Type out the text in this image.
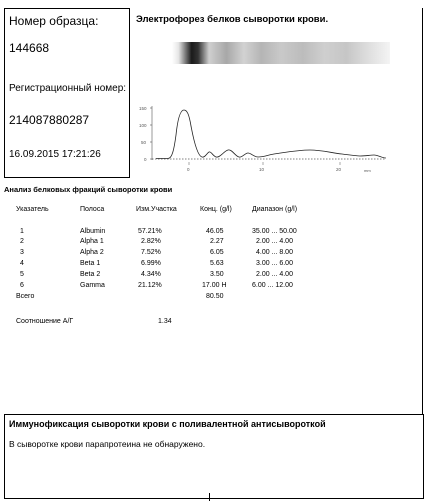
Номер образца:
144668
Регистрационный номер:
214087880287
16.09.2015 17:21:26
Электрофорез белков сыворотки крови.
150
100
50
0
0	10	20	mm
Анализ белковых фракций сыворотки крови
Указатель	Полоса	Изм.Участка	Конц. (g/l)	Диапазон (g/l)
1	Albumin	57.21%	46.05	35.00 ... 50.00
2	Alpha 1	2.82%	2.27	2.00 ... 4.00
3	Alpha 2	7.52%	6.05	4.00 ... 8.00
4	Beta 1	6.99%	5.63	3.00 ... 6.00
5	Beta 2	4.34%	3.50	2.00 ... 4.00
6	Gamma	21.12%	17.00 H	6.00 ... 12.00
Всего	80.50
Соотношение А/Г	1.34
Иммунофиксация сыворотки крови с поливалентной антисывороткой
В сыворотке крови парапротеина не обнаружено.
